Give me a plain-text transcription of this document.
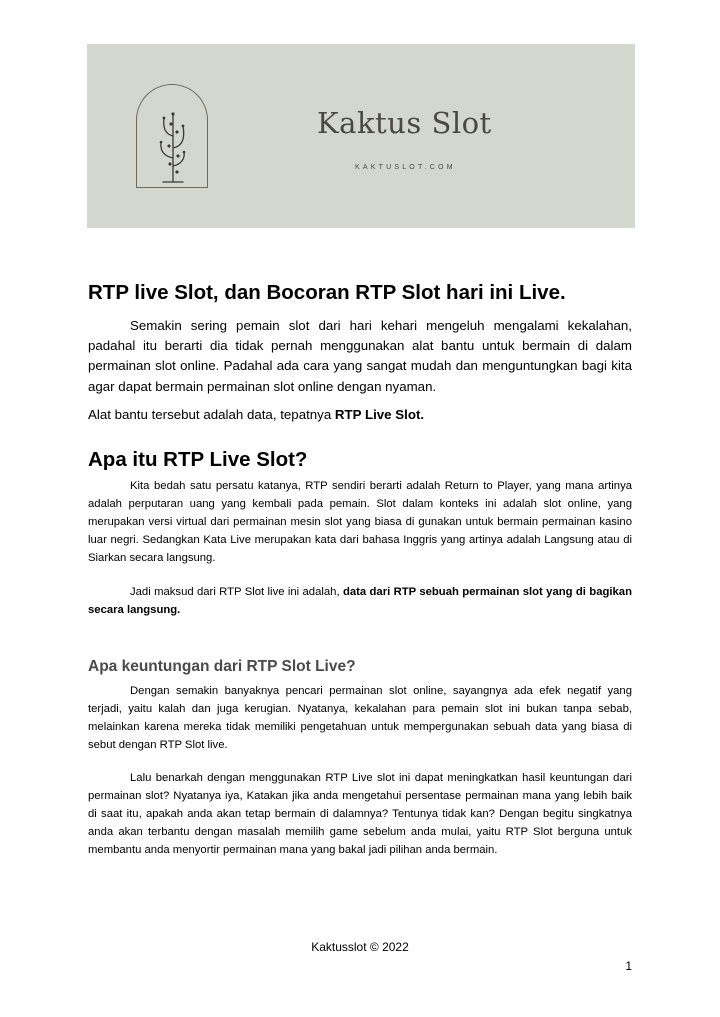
Kaktus Slot
KAKTUSLOT.COM
RTP live Slot, dan Bocoran RTP Slot hari ini Live.

Semakin sering pemain slot dari hari kehari mengeluh mengalami kekalahan, padahal itu berarti dia tidak pernah menggunakan alat bantu untuk bermain di dalam permainan slot online. Padahal ada cara yang sangat mudah dan menguntungkan bagi kita agar dapat bermain permainan slot online dengan nyaman.

Alat bantu tersebut adalah data, tepatnya RTP Live Slot.

Apa itu RTP Live Slot?

Kita bedah satu persatu katanya, RTP sendiri berarti adalah Return to Player, yang mana artinya adalah perputaran uang yang kembali pada pemain. Slot dalam konteks ini adalah slot online, yang merupakan versi virtual dari permainan mesin slot yang biasa di gunakan untuk bermain permainan kasino luar negri. Sedangkan Kata Live merupakan kata dari bahasa Inggris yang artinya adalah Langsung atau di Siarkan secara langsung.

Jadi maksud dari RTP Slot live ini adalah, data dari RTP sebuah permainan slot yang di bagikan secara langsung.

Apa keuntungan dari RTP Slot Live?

Dengan semakin banyaknya pencari permainan slot online, sayangnya ada efek negatif yang terjadi, yaitu kalah dan juga kerugian. Nyatanya, kekalahan para pemain slot ini bukan tanpa sebab, melainkan karena mereka tidak memiliki pengetahuan untuk mempergunakan sebuah data yang biasa di sebut dengan RTP Slot live.

Lalu benarkah dengan menggunakan RTP Live slot ini dapat meningkatkan hasil keuntungan dari permainan slot? Nyatanya iya, Katakan jika anda mengetahui persentase permainan mana yang lebih baik di saat itu, apakah anda akan tetap bermain di dalamnya? Tentunya tidak kan? Dengan begitu singkatnya anda akan terbantu dengan masalah memilih game sebelum anda mulai, yaitu RTP Slot berguna untuk membantu anda menyortir permainan mana yang bakal jadi pilihan anda bermain.

Kaktusslot © 2022
1
